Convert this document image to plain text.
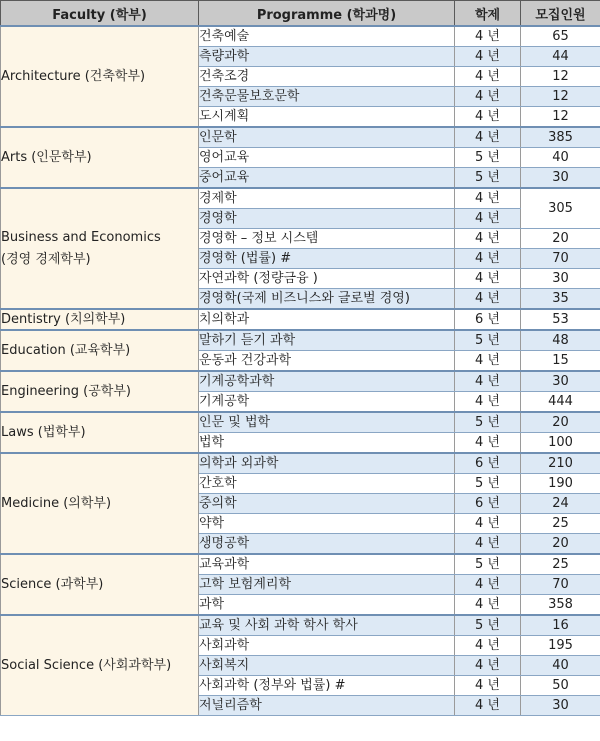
Faculty (학부)	Programme (학과명)	학제	모집인원

Architecture (건축학부)	건축예술	4 년	65
	측량과학	4 년	44
	건축조경	4 년	12
	건축문물보호문학	4 년	12
	도시계획	4 년	12

Arts (인문학부)	인문학	4 년	385
	영어교육	5 년	40
	중어교육	5 년	30

Business and Economics
(경영 경제학부)	경제학	4 년	305
	경영학	4 년	
	경영학 – 정보 시스템	4 년	20
	경영학 (법률) #	4 년	70
	자연과학 (정량금융 )	4 년	30
	경영학(국제 비즈니스와 글로벌 경영)	4 년	35

Dentistry (치의학부)	치의학과	6 년	53

Education (교육학부)	말하기 듣기 과학	5 년	48
	운동과 건강과학	4 년	15

Engineering (공학부)	기계공학과학	4 년	30
	기계공학	4 년	444

Laws (법학부)	인문 및 법학	5 년	20
	법학	4 년	100

Medicine (의학부)	의학과 외과학	6 년	210
	간호학	5 년	190
	중의학	6 년	24
	약학	4 년	25
	생명공학	4 년	20

Science (과학부)	교육과학	5 년	25
	고학 보험계리학	4 년	70
	과학	4 년	358

Social Science (사회과학부)	교육 및 사회 과학 학사 학사	5 년	16
	사회과학	4 년	195
	사회복지	4 년	40
	사회과학 (정부와 법률) #	4 년	50
	저널리즘학	4 년	30
